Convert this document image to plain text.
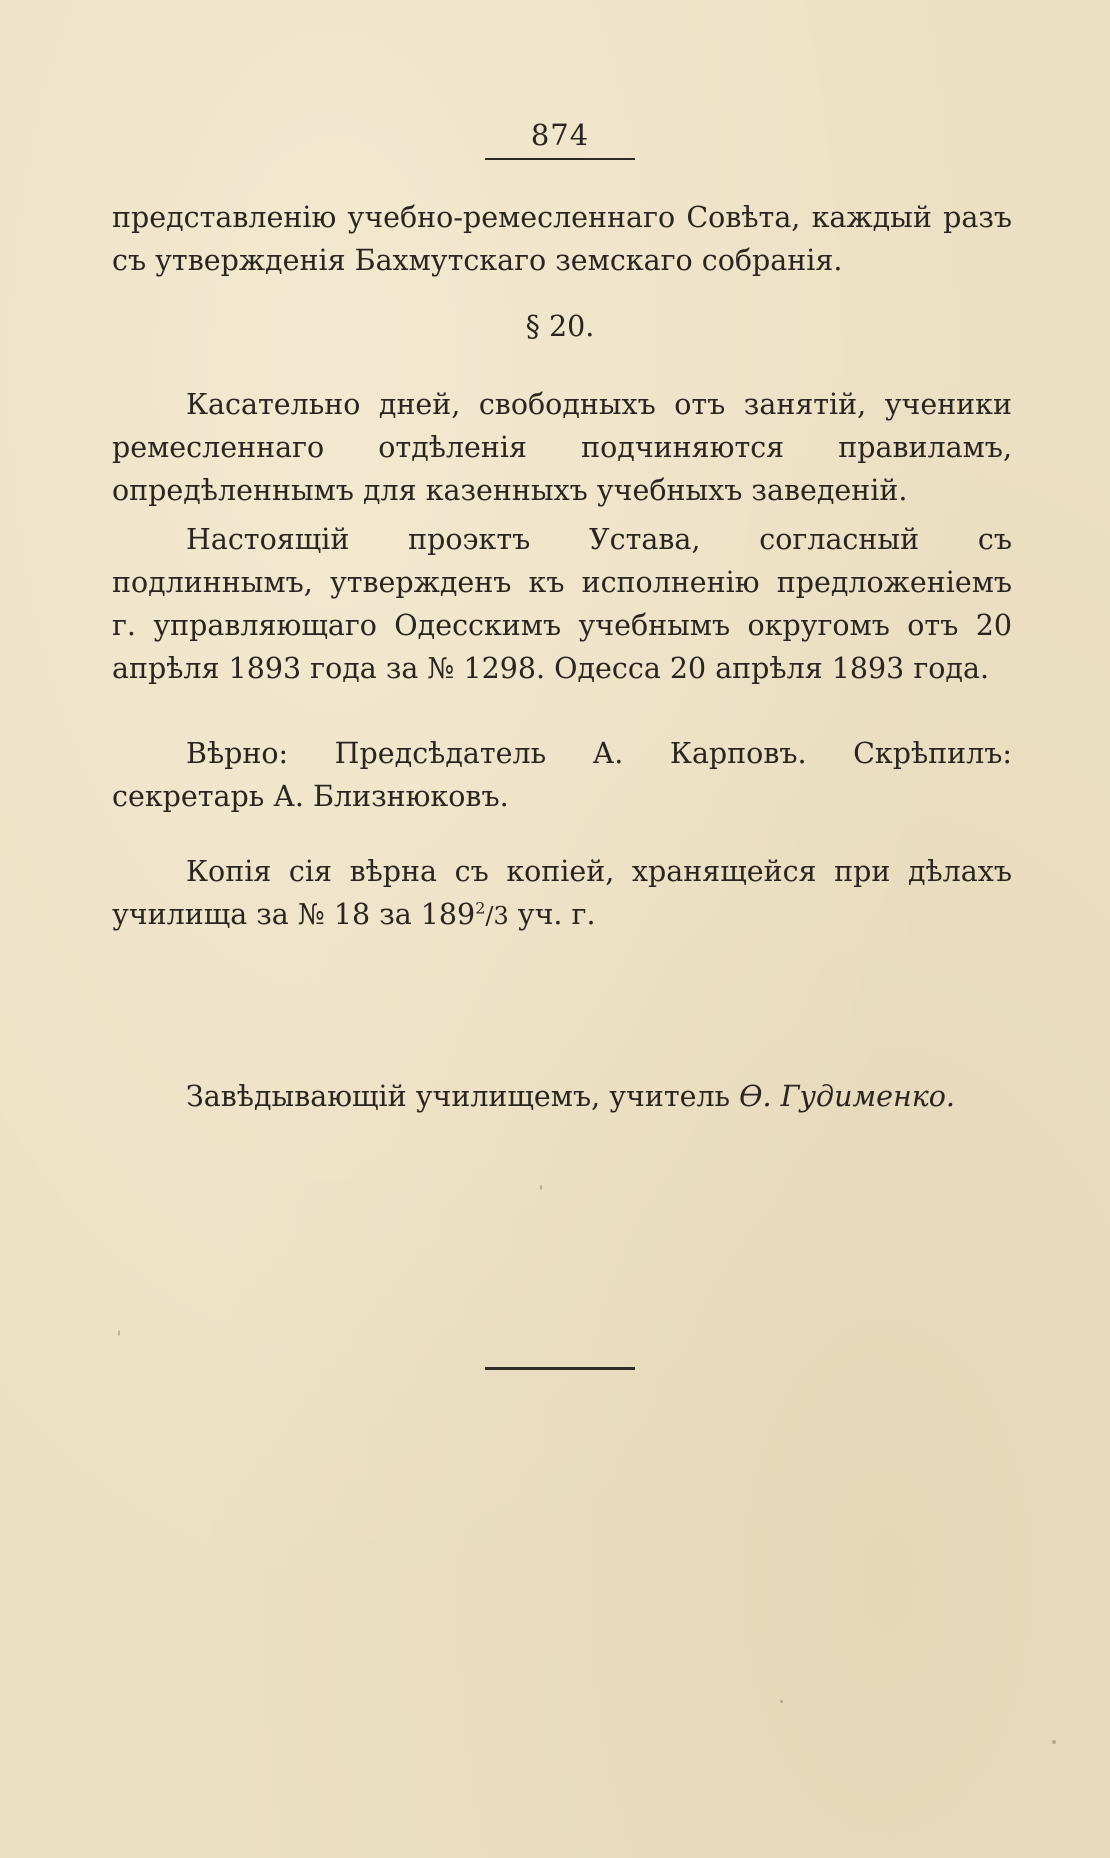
874

представленію учебно-ремесленнаго Совѣта, каждый разъ съ утвержденія Бахмутскаго земскаго собранія.

§ 20.

Касательно дней, свободныхъ отъ занятій, ученики ремесленнаго отдѣленія подчиняются правиламъ, опредѣленнымъ для казенныхъ учебныхъ заведеній.

Настоящій проэктъ Устава, согласный съ подлиннымъ, утвержденъ къ исполненію предложеніемъ г. управляющаго Одесскимъ учебнымъ округомъ отъ 20 апрѣля 1893 года за № 1298. Одесса 20 апрѣля 1893 года.

Вѣрно: Предсѣдатель А. Карповъ. Скрѣпилъ: секретарь А. Близнюковъ.

Копія сія вѣрна съ копіей, хранящейся при дѣлахъ училища за № 18 за $189^2/3$ уч. г.

Завѣдывающій училищемъ, учитель Ѳ. Гудименко.
